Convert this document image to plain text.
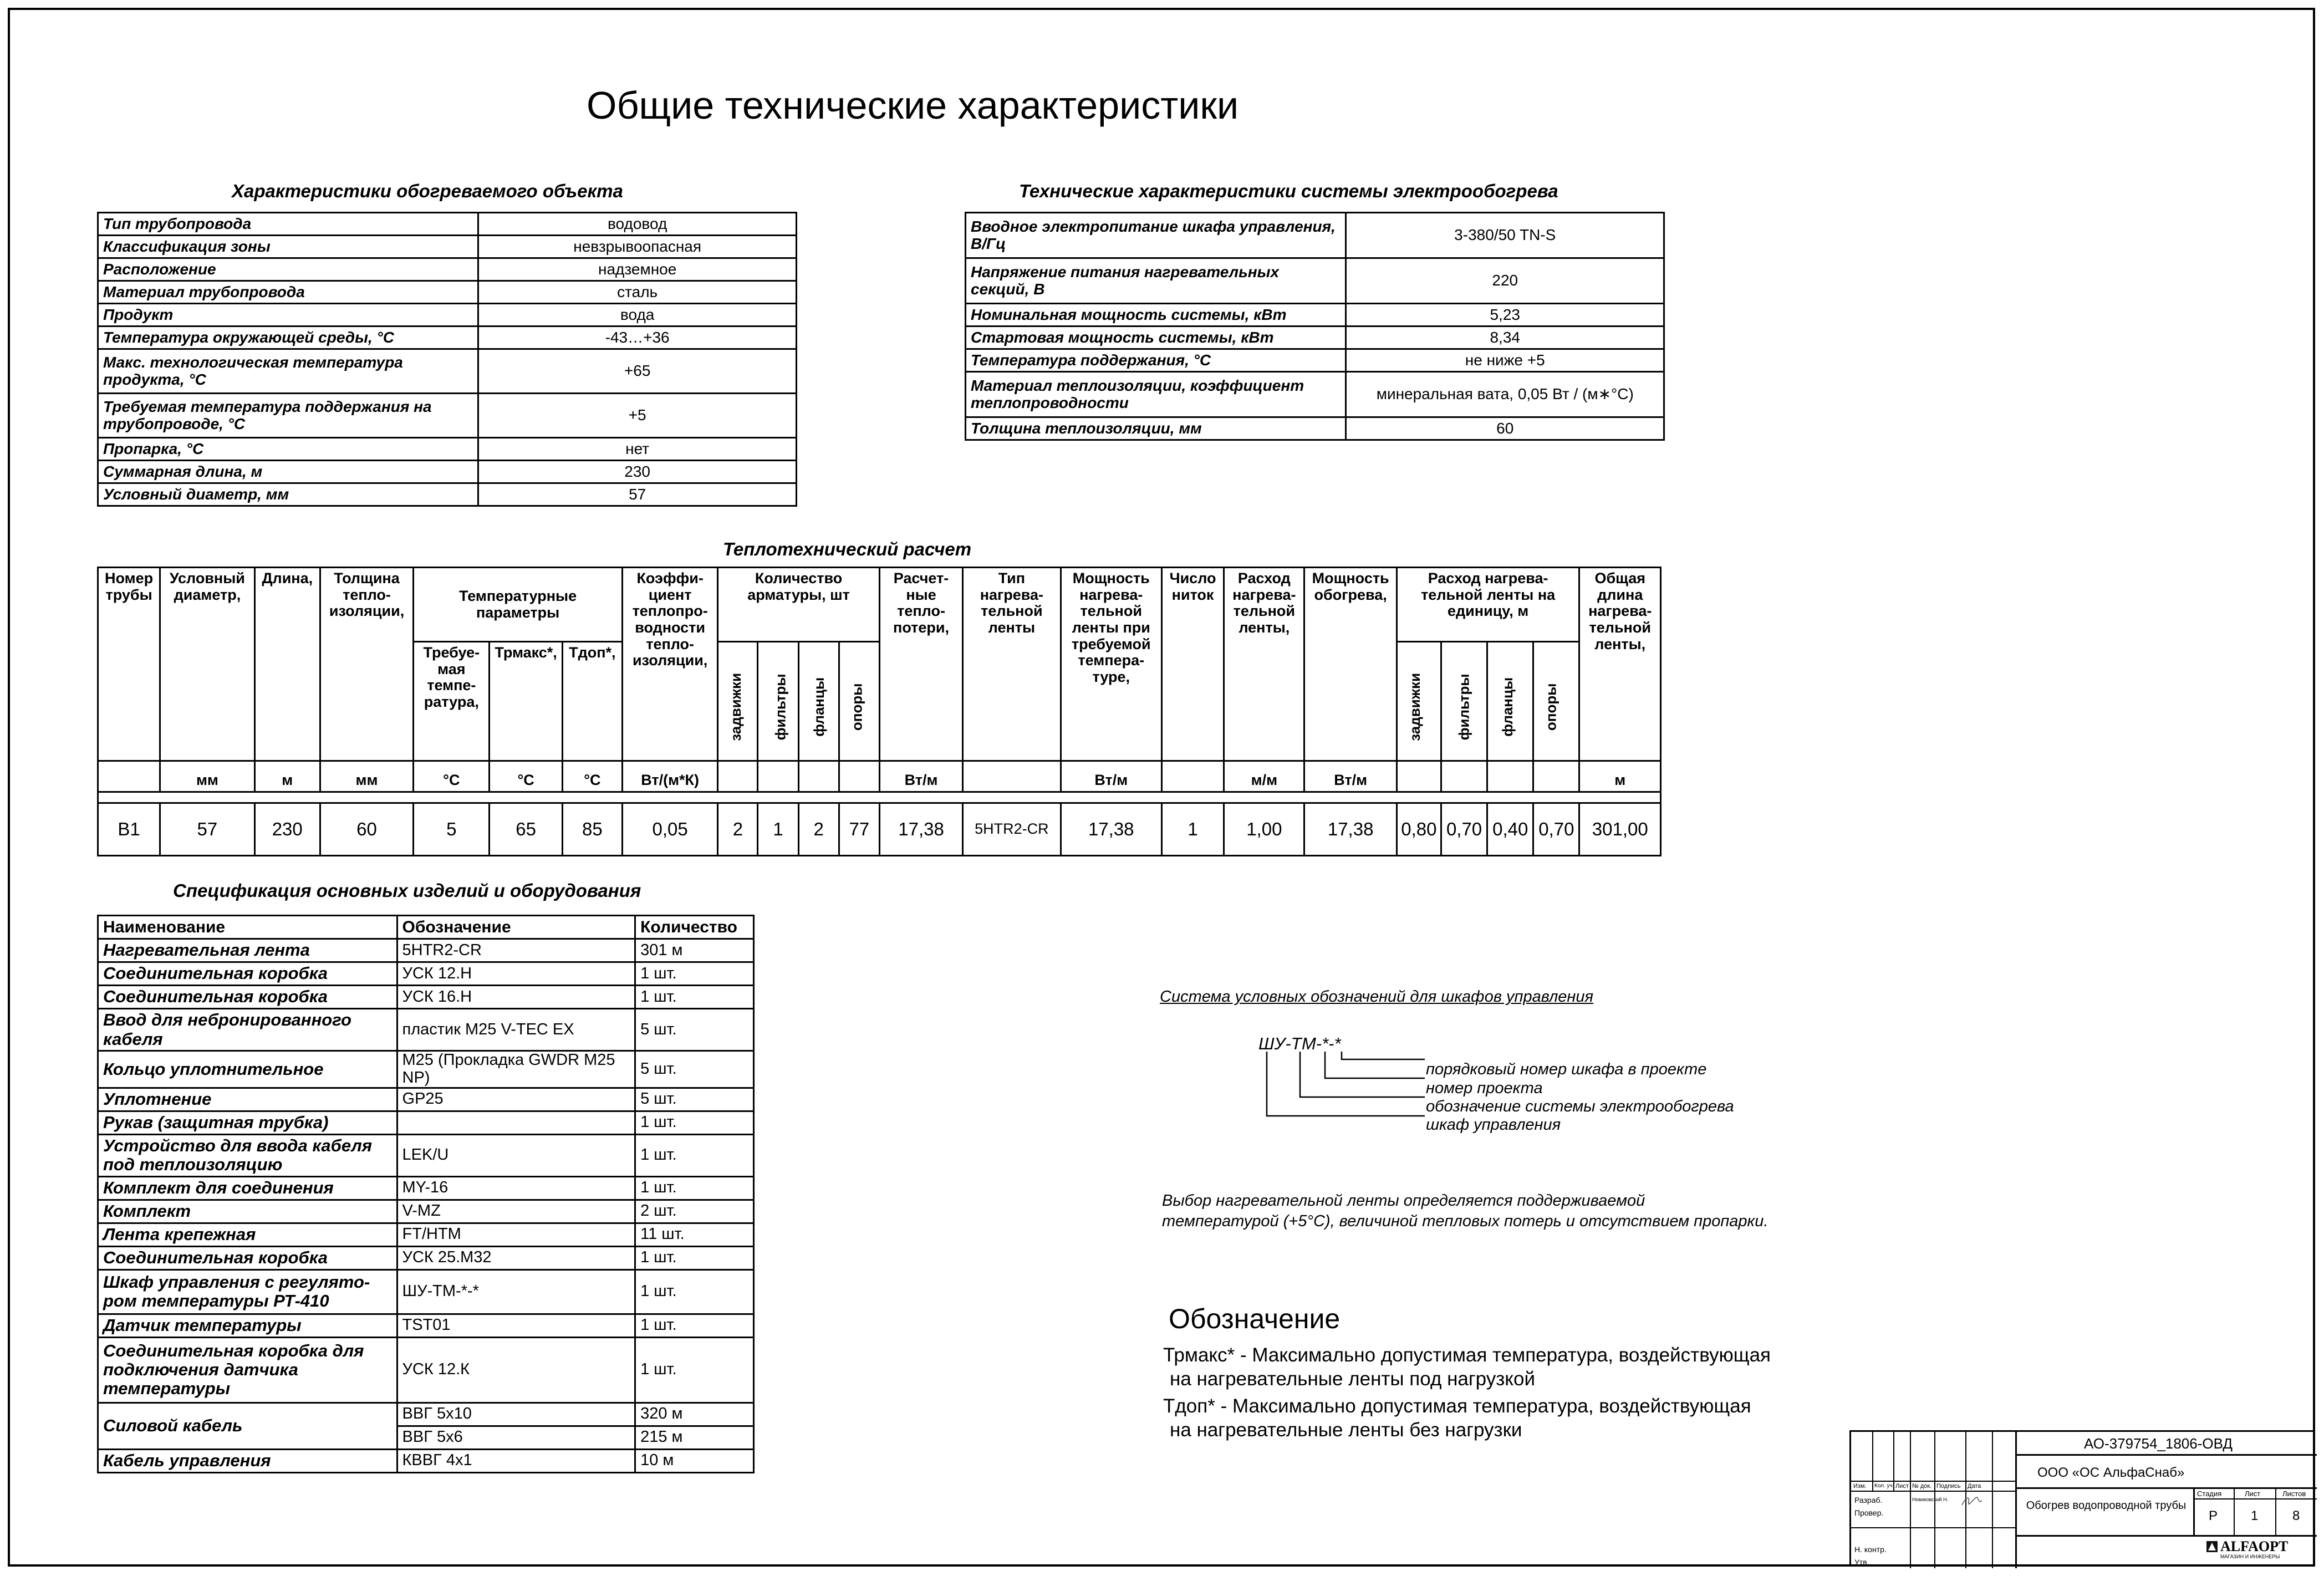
Общие технические характеристики
Характеристики обогреваемого объекта
Тип трубопровода	водовод
Классификация зоны	невзрывоопасная
Расположение	надземное
Материал трубопровода	сталь
Продукт	вода
Температура окружающей среды, °С	-43…+36
Макс. технологическая температура продукта, °С	+65
Требуемая температура поддержания на трубопроводе, °С	+5
Пропарка, °С	нет
Суммарная длина, м	230
Условный диаметр, мм	57
Технические характеристики системы электрообогрева
Вводное электропитание шкафа управления, В/Гц	3-380/50 TN-S
Напряжение питания нагревательных секций, В	220
Номинальная мощность системы, кВт	5,23
Стартовая мощность системы, кВт	8,34
Температура поддержания, °С	не ниже +5
Материал теплоизоляции, коэффициент теплопроводности	минеральная вата, 0,05 Вт / (м∗°С)
Толщина теплоизоляции, мм	60
Теплотехнический расчет
Номер трубы	Условный диаметр,	Длина,	Толщина тепло-изоляции,	Температурные параметры			Коэффи-циент теплопро-водности тепло-изоляции,	Количество арматуры, шт				Расчет-ные тепло-потери,	Тип нагрева-тельной ленты	Мощность нагрева-тельной ленты при требуемой темпера-туре,	Число ниток	Расход нагрева-тельной ленты,	Мощность обогрева,	Расход нагрева-тельной ленты на единицу, м				Общая длина нагрева-тельной ленты,
				Требуе-мая темпе-ратура,	Трмакс*,	Тдоп*,		задвижки	фильтры	фланцы	опоры							задвижки	фильтры	фланцы	опоры	

	мм	м	мм	°С	°С	°С	Вт/(м*К)					Вт/м		Вт/м		м/м	Вт/м					м

B1	57	230	60	5	65	85	0,05	2	1	2	77	17,38	5HTR2-CR	17,38	1	1,00	17,38	0,80	0,70	0,40	0,70	301,00
Спецификация основных изделий и оборудования
Наименование	Обозначение	Количество
Нагревательная лента	5HTR2-CR	301 м
Соединительная коробка	УСК 12.Н	1 шт.
Соединительная коробка	УСК 16.Н	1 шт.
Ввод для небронированного кабеля	пластик М25 V-TEC EX	5 шт.
Кольцо уплотнительное	M25 (Прокладка GWDR M25 NP)	5 шт.
Уплотнение	GP25	5 шт.
Рукав (защитная трубка)		1 шт.
Устройство для ввода кабеля под теплоизоляцию	LEK/U	1 шт.
Комплект для соединения	MY-16	1 шт.
Комплект	V-MZ	2 шт.
Лента крепежная	FT/HTM	11 шт.
Соединительная коробка	УСК 25.М32	1 шт.
Шкаф управления с регулято-ром температуры РТ-410	ШУ-ТМ-*-*	1 шт.
Датчик температуры	TST01	1 шт.
Соединительная коробка для подключения датчика температуры	УСК 12.К	1 шт.
Силовой кабель	ВВГ 5х10	320 м
	ВВГ 5х6	215 м
Кабель управления	КВВГ 4х1	10 м
Система условных обозначений для шкафов управления
ШУ-ТМ-*-*
порядковый номер шкафа в проекте
номер проекта
обозначение системы электрообогрева
шкаф управления
Выбор нагревательной ленты определяется поддерживаемой
температурой (+5°С), величиной тепловых потерь и отсутствием пропарки.
Обозначение
Трмакс* - Максимально допустимая температура, воздействующая
на нагревательные ленты под нагрузкой
Тдоп* - Максимально допустимая температура, воздействующая
на нагревательные ленты без нагрузки
Изм. Кол. уч. Лист № док. Подпись Дата
Разраб.	Новиковский Н.
Провер.
Н. контр.
Утв.
АО-379754_1806-ОВД
ООО «ОС АльфаСнаб»
Обогрев водопроводной трубы
Стадия	Лист	Листов
Р 1	8
ALFAOPT
МАГАЗИН И ИНЖЕНЕРЫ
